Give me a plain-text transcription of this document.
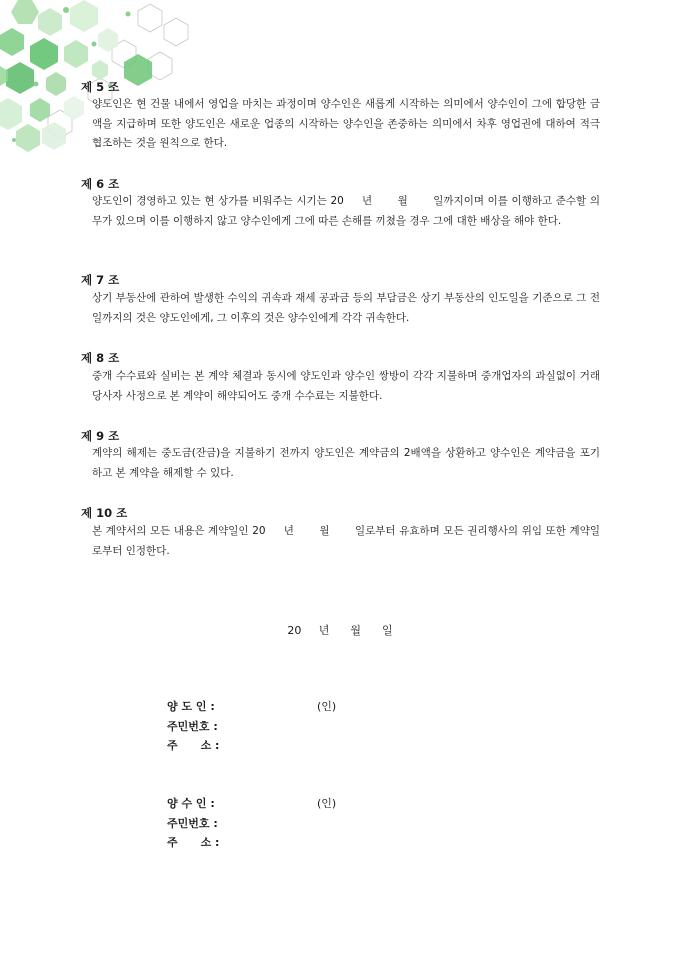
제 5 조

양도인은 현 건물 내에서 영업을 마치는 과정이며 양수인은 새롭게 시작하는 의미에서 양수인이 그에 합당한 금액을 지급하며 또한 양도인은 새로운 업종의 시작하는 양수인을 존중하는 의미에서 차후 영업권에 대하여 적극 협조하는 것을 원칙으로 한다.

제 6 조

양도인이 경영하고 있는 현 상가를 비워주는 시기는 20     년       월       일까지이며 이를 이행하고 준수할 의무가 있으며 이를 이행하지 않고 양수인에게 그에 따른 손해를 끼쳤을 경우 그에 대한 배상을 해야 한다.

제 7 조

상기 부동산에 관하여 발생한 수익의 귀속과 재세 공과금 등의 부담금은 상기 부동산의 인도일을 기준으로 그 전일까지의 것은 양도인에게, 그 이후의 것은 양수인에게 각각 귀속한다.

제 8 조

중개 수수료와 실비는 본 계약 체결과 동시에 양도인과 양수인 쌍방이 각각 지불하며 중개업자의 과실없이 거래 당사자 사정으로 본 계약이 해약되어도 중개 수수료는 지불한다.

제 9 조

계약의 해제는 중도금(잔금)을 지불하기 전까지 양도인은 계약금의 2배액을 상환하고 양수인은 계약금을 포기하고 본 계약을 해제할 수 있다.

제 10 조

본 계약서의 모든 내용은 계약일인 20     년       월       일로부터 유효하며 모든 권리행사의 위임 또한 계약일로부터 인정한다.

20     년      월      일
양 도 인 :	(인)
주민번호 :
주      소 :
양 수 인 :	(인)
주민번호 :
주      소 :
